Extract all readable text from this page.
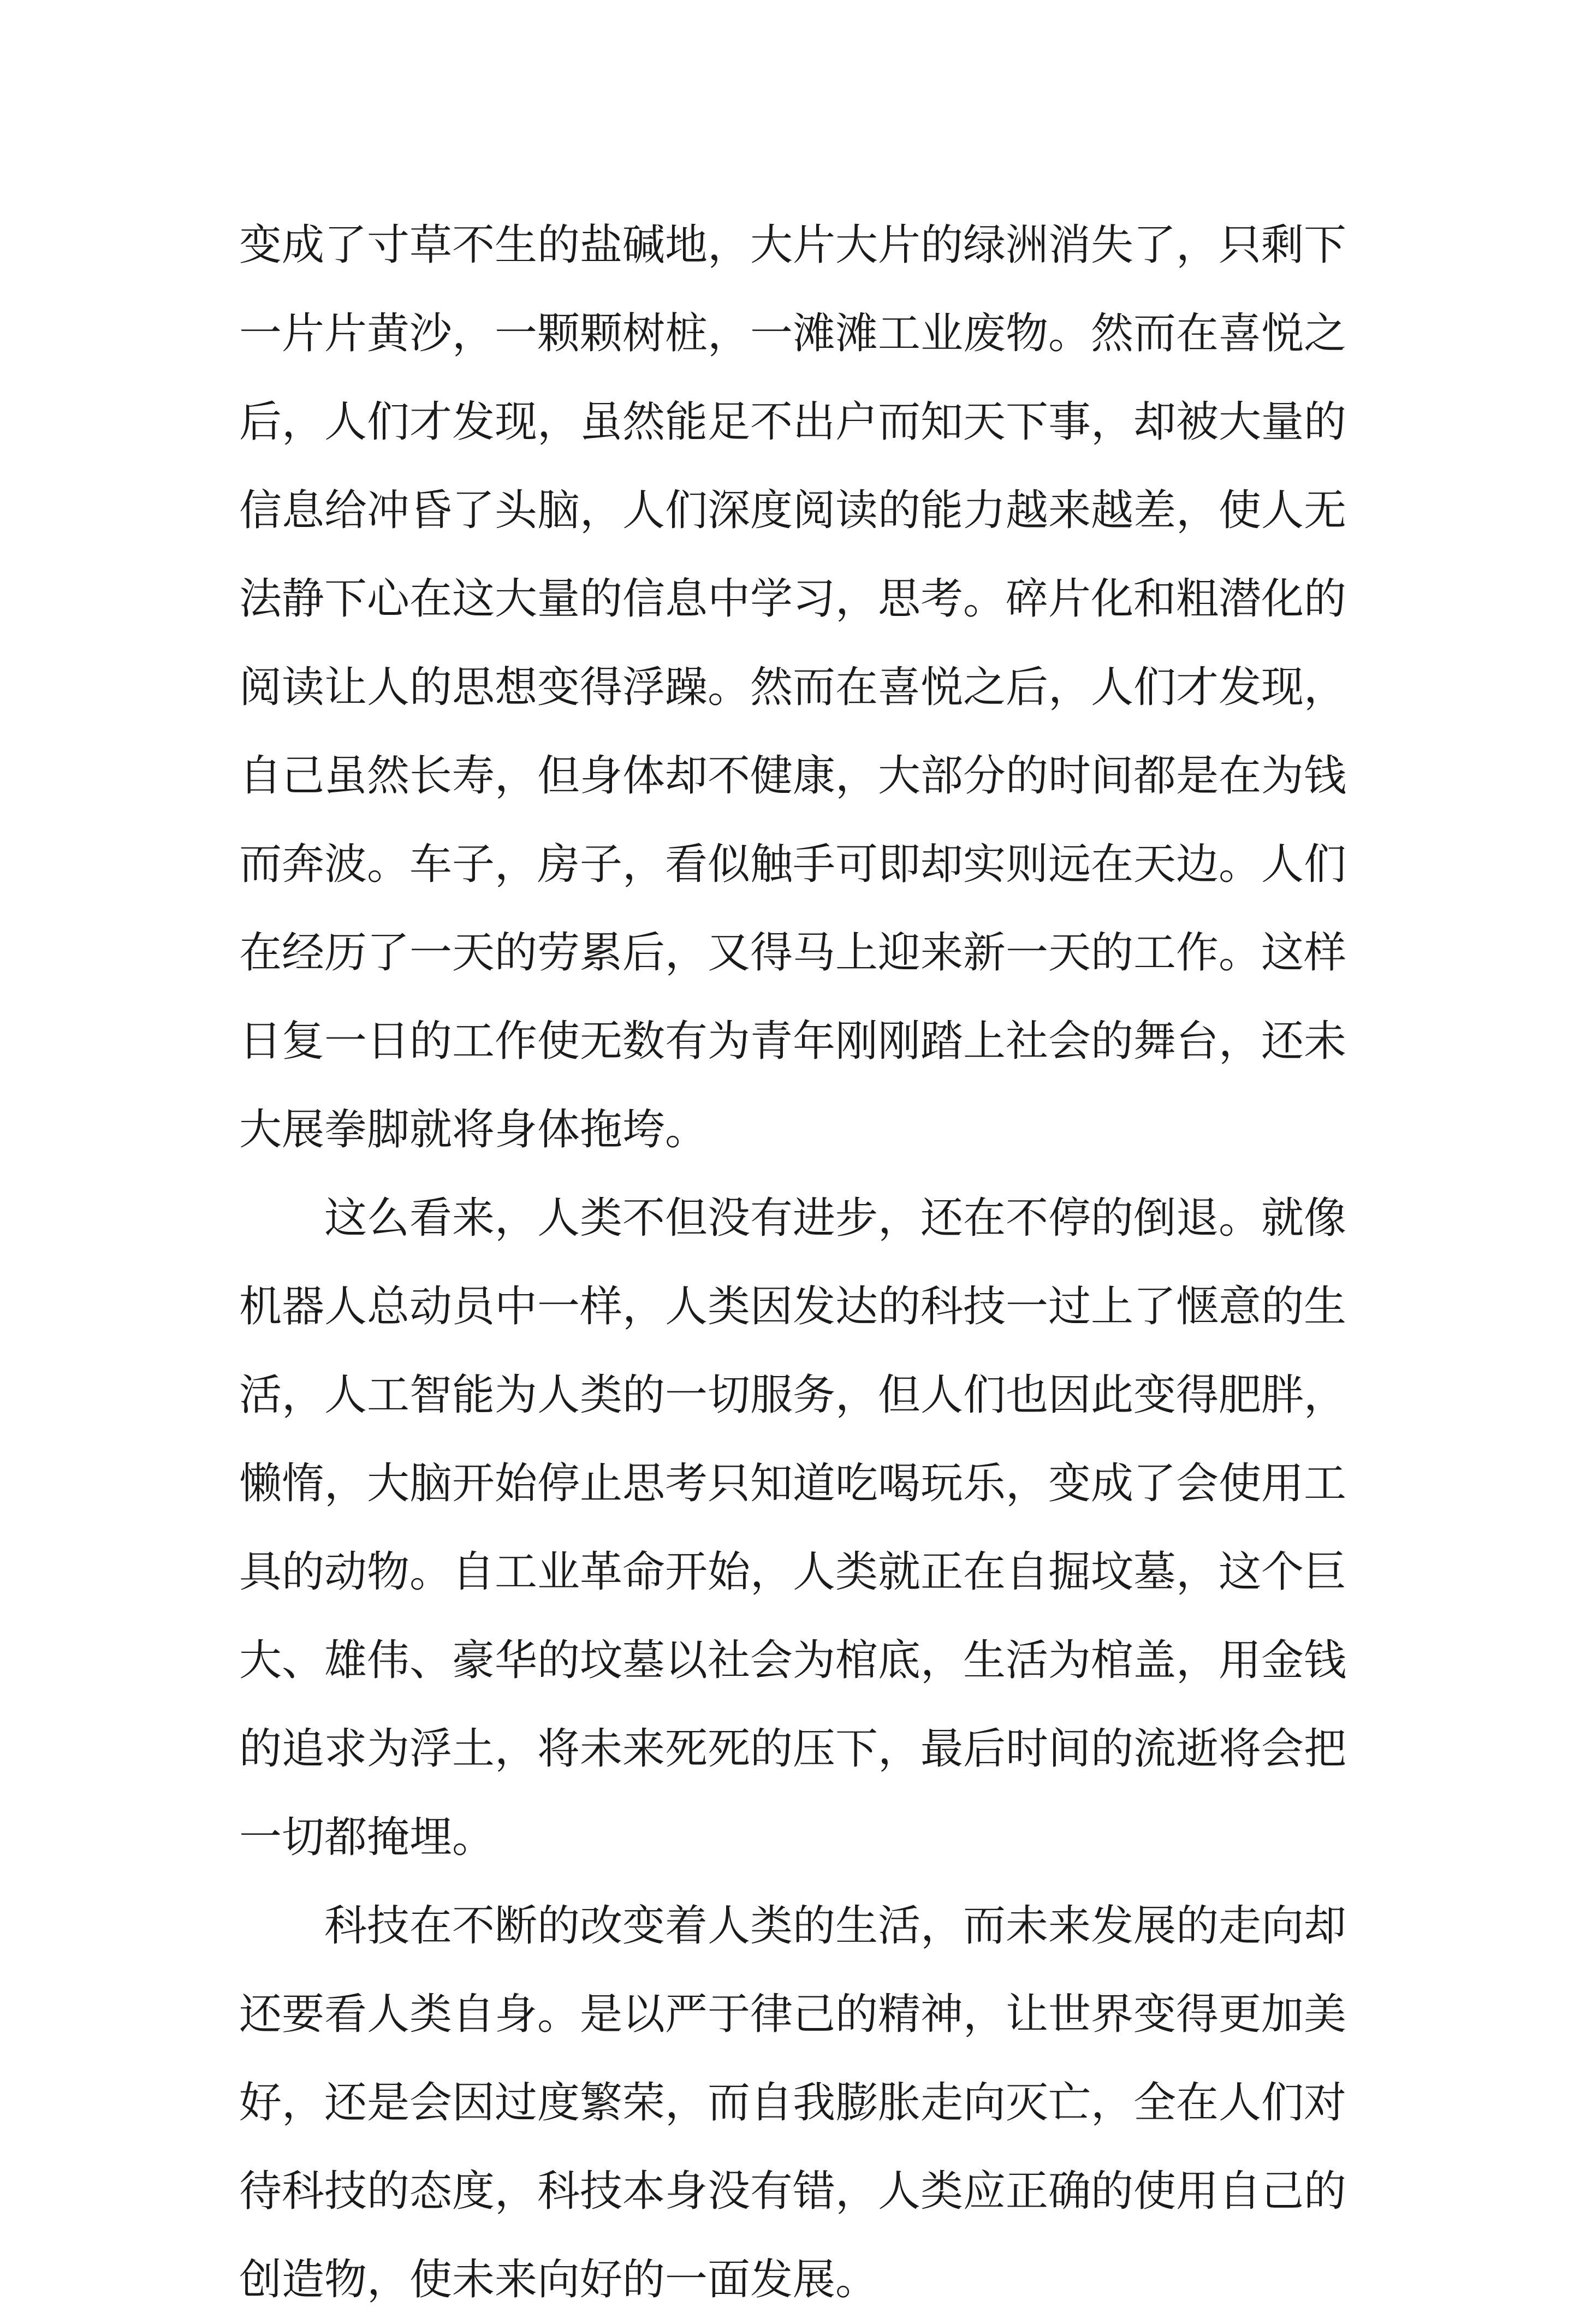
变成了寸草不生的盐碱地，大片大片的绿洲消失了，只剩下
一片片黄沙，一颗颗树桩，一滩滩工业废物。然而在喜悦之
后，人们才发现，虽然能足不出户而知天下事，却被大量的
信息给冲昏了头脑，人们深度阅读的能力越来越差，使人无
法静下心在这大量的信息中学习，思考。碎片化和粗潜化的
阅读让人的思想变得浮躁。然而在喜悦之后，人们才发现，
自己虽然长寿，但身体却不健康，大部分的时间都是在为钱
而奔波。车子，房子，看似触手可即却实则远在天边。人们
在经历了一天的劳累后，又得马上迎来新一天的工作。这样
日复一日的工作使无数有为青年刚刚踏上社会的舞台，还未
大展拳脚就将身体拖垮。
这么看来，人类不但没有进步，还在不停的倒退。就像
机器人总动员中一样，人类因发达的科技一过上了惬意的生
活，人工智能为人类的一切服务，但人们也因此变得肥胖，
懒惰，大脑开始停止思考只知道吃喝玩乐，变成了会使用工
具的动物。自工业革命开始，人类就正在自掘坟墓，这个巨
大、雄伟、豪华的坟墓以社会为棺底，生活为棺盖，用金钱
的追求为浮土，将未来死死的压下，最后时间的流逝将会把
一切都掩埋。
科技在不断的改变着人类的生活，而未来发展的走向却
还要看人类自身。是以严于律己的精神，让世界变得更加美
好，还是会因过度繁荣，而自我膨胀走向灭亡，全在人们对
待科技的态度，科技本身没有错，人类应正确的使用自己的
创造物，使未来向好的一面发展。
